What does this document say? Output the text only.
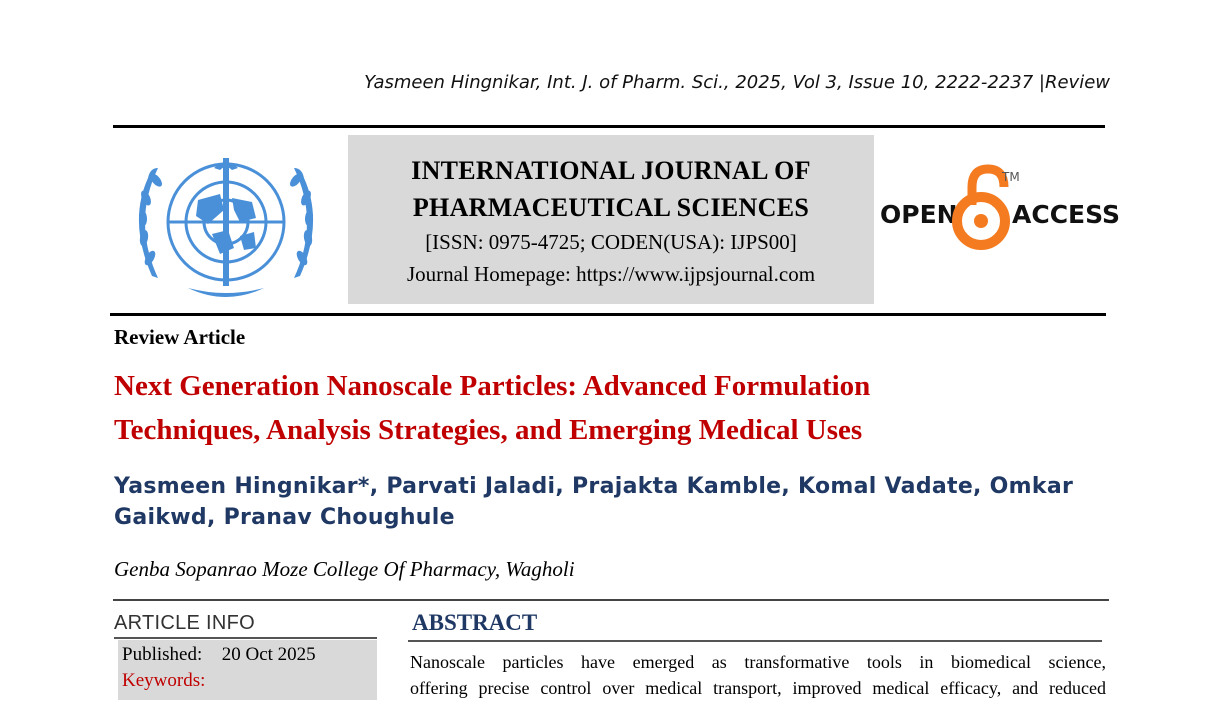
Yasmeen Hingnikar, Int. J. of Pharm. Sci., 2025, Vol 3, Issue 10, 2222-2237 |Review
INTERNATIONAL JOURNAL OF
PHARMACEUTICAL SCIENCES
[ISSN: 0975-4725; CODEN(USA): IJPS00]
Journal Homepage: https://www.ijpsjournal.com
OPEN
TM
ACCESS
Review Article
Next Generation Nanoscale Particles: Advanced Formulation
Techniques, Analysis Strategies, and Emerging Medical Uses
Yasmeen Hingnikar*, Parvati Jaladi, Prajakta Kamble, Komal Vadate, Omkar
Gaikwd, Pranav Choughule
Genba Sopanrao Moze College Of Pharmacy, Wagholi
ARTICLE INFO
Published: 20 Oct 2025
Keywords:
ABSTRACT
Nanoscale particles have emerged as transformative tools in biomedical science,
offering precise control over medical transport, improved medical efficacy, and reduced
